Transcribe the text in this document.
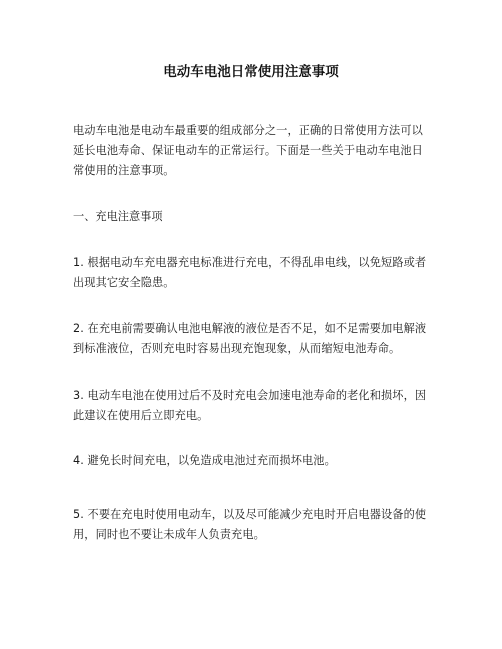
电动车电池日常使用注意事项

电动车电池是电动车最重要的组成部分之一，正确的日常使用方法可以延长电池寿命、保证电动车的正常运行。下面是一些关于电动车电池日常使用的注意事项。

一、充电注意事项

1. 根据电动车充电器充电标准进行充电，不得乱串电线，以免短路或者出现其它安全隐患。

2. 在充电前需要确认电池电解液的液位是否不足，如不足需要加电解液到标准液位，否则充电时容易出现充饱现象，从而缩短电池寿命。

3. 电动车电池在使用过后不及时充电会加速电池寿命的老化和损坏，因此建议在使用后立即充电。

4. 避免长时间充电，以免造成电池过充而损坏电池。

5. 不要在充电时使用电动车，以及尽可能减少充电时开启电器设备的使用，同时也不要让未成年人负责充电。
